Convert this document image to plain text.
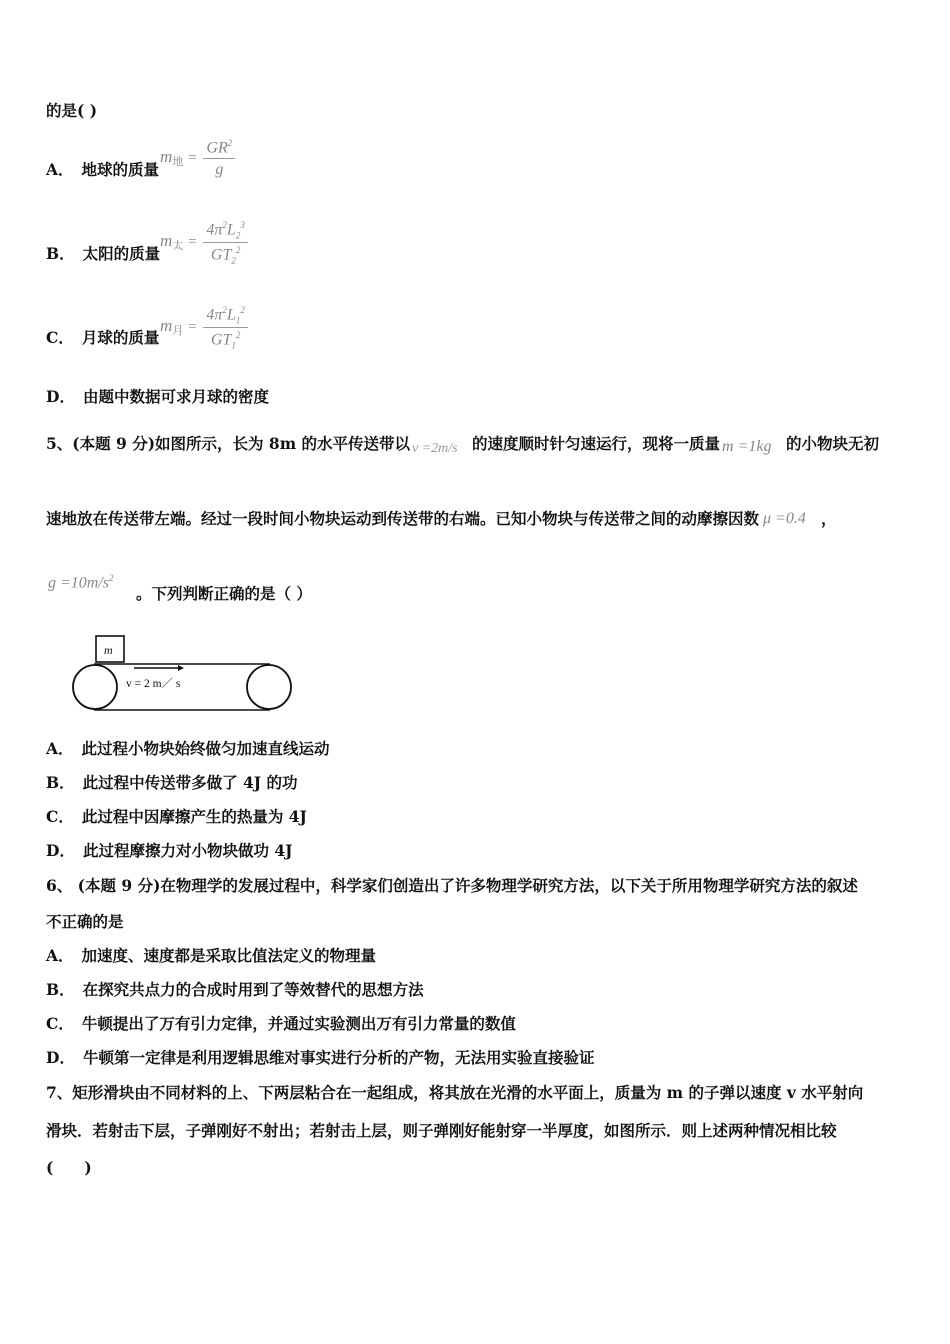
的是( )
A． 地球的质量
$m_地 = \frac{GR^2}{g}$
B． 太阳的质量
$m_太 = \frac{4\pi^2L_2^3}{GT_2^2}$
C． 月球的质量
$m_月 = \frac{4\pi^2L_1^2}{GT_1^2}$
D． 由题中数据可求月球的密度
5、(本题 9 分)如图所示，长为 8m 的水平传送带以 v =2m/s 的速度顺时针匀速运行，现将一质量 m =1kg 的小物块无初
速地放在传送带左端。经过一段时间小物块运动到传送带的右端。已知小物块与传送带之间的动摩擦因数 μ =0.4 ，
$g =10m/s^2$
。下列判断正确的是（ ）
m
v = 2 m／ s
A． 此过程小物块始终做匀加速直线运动
B． 此过程中传送带多做了 4J 的功
C． 此过程中因摩擦产生的热量为 4J
D． 此过程摩擦力对小物块做功 4J
6、 (本题 9 分)在物理学的发展过程中，科学家们创造出了许多物理学研究方法，以下关于所用物理学研究方法的叙述
不正确的是
A． 加速度、速度都是采取比值法定义的物理量
B． 在探究共点力的合成时用到了等效替代的思想方法
C． 牛顿提出了万有引力定律，并通过实验测出万有引力常量的数值
D． 牛顿第一定律是利用逻辑思维对事实进行分析的产物，无法用实验直接验证
7、矩形滑块由不同材料的上、下两层粘合在一起组成，将其放在光滑的水平面上，质量为 m 的子弹以速度 v 水平射向
滑块．若射击下层，子弹刚好不射出；若射击上层，则子弹刚好能射穿一半厚度，如图所示．则上述两种情况相比较
(　　)
